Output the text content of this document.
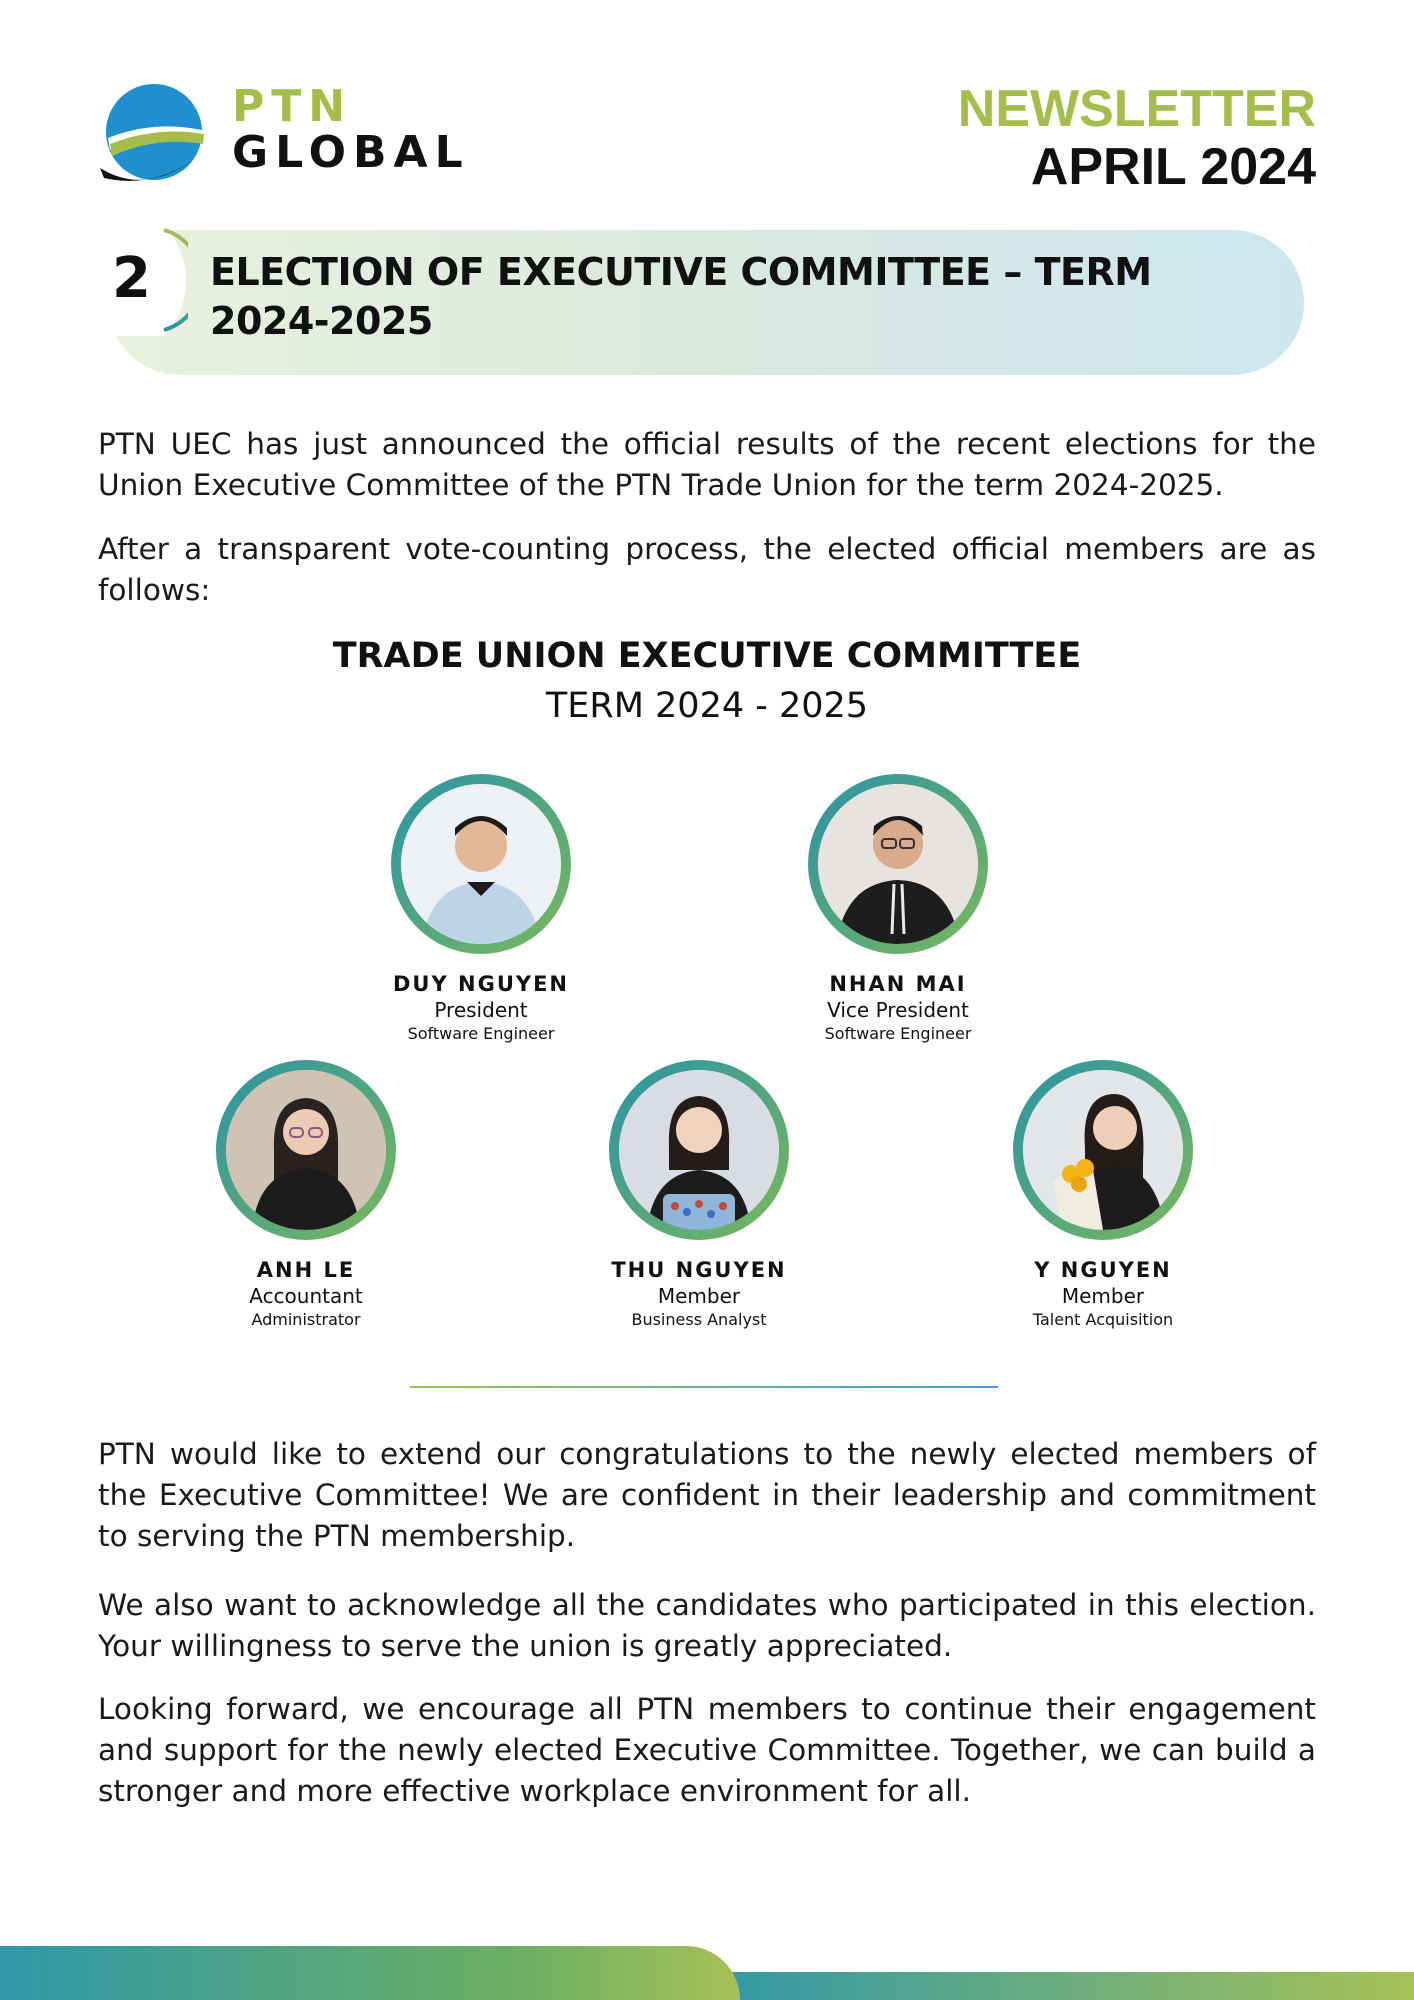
PTN
GLOBAL
NEWSLETTER
APRIL 2024
2 ELECTION OF EXECUTIVE COMMITTEE – TERM 2024-2025

PTN UEC has just announced the official results of the recent elections for the Union Executive Committee of the PTN Trade Union for the term 2024-2025.

After a transparent vote-counting process, the elected official members are as follows:

TRADE UNION EXECUTIVE COMMITTEE
TERM 2024 - 2025
DUY NGUYEN
President
Software Engineer
NHAN MAI
Vice President
Software Engineer
ANH LE
Accountant
Administrator
THU NGUYEN
Member
Business Analyst
Y NGUYEN
Member
Talent Acquisition

PTN would like to extend our congratulations to the newly elected members of the Executive Committee! We are confident in their leadership and commitment to serving the PTN membership.

We also want to acknowledge all the candidates who participated in this election. Your willingness to serve the union is greatly appreciated.

Looking forward, we encourage all PTN members to continue their engagement and support for the newly elected Executive Committee. Together, we can build a stronger and more effective workplace environment for all.
